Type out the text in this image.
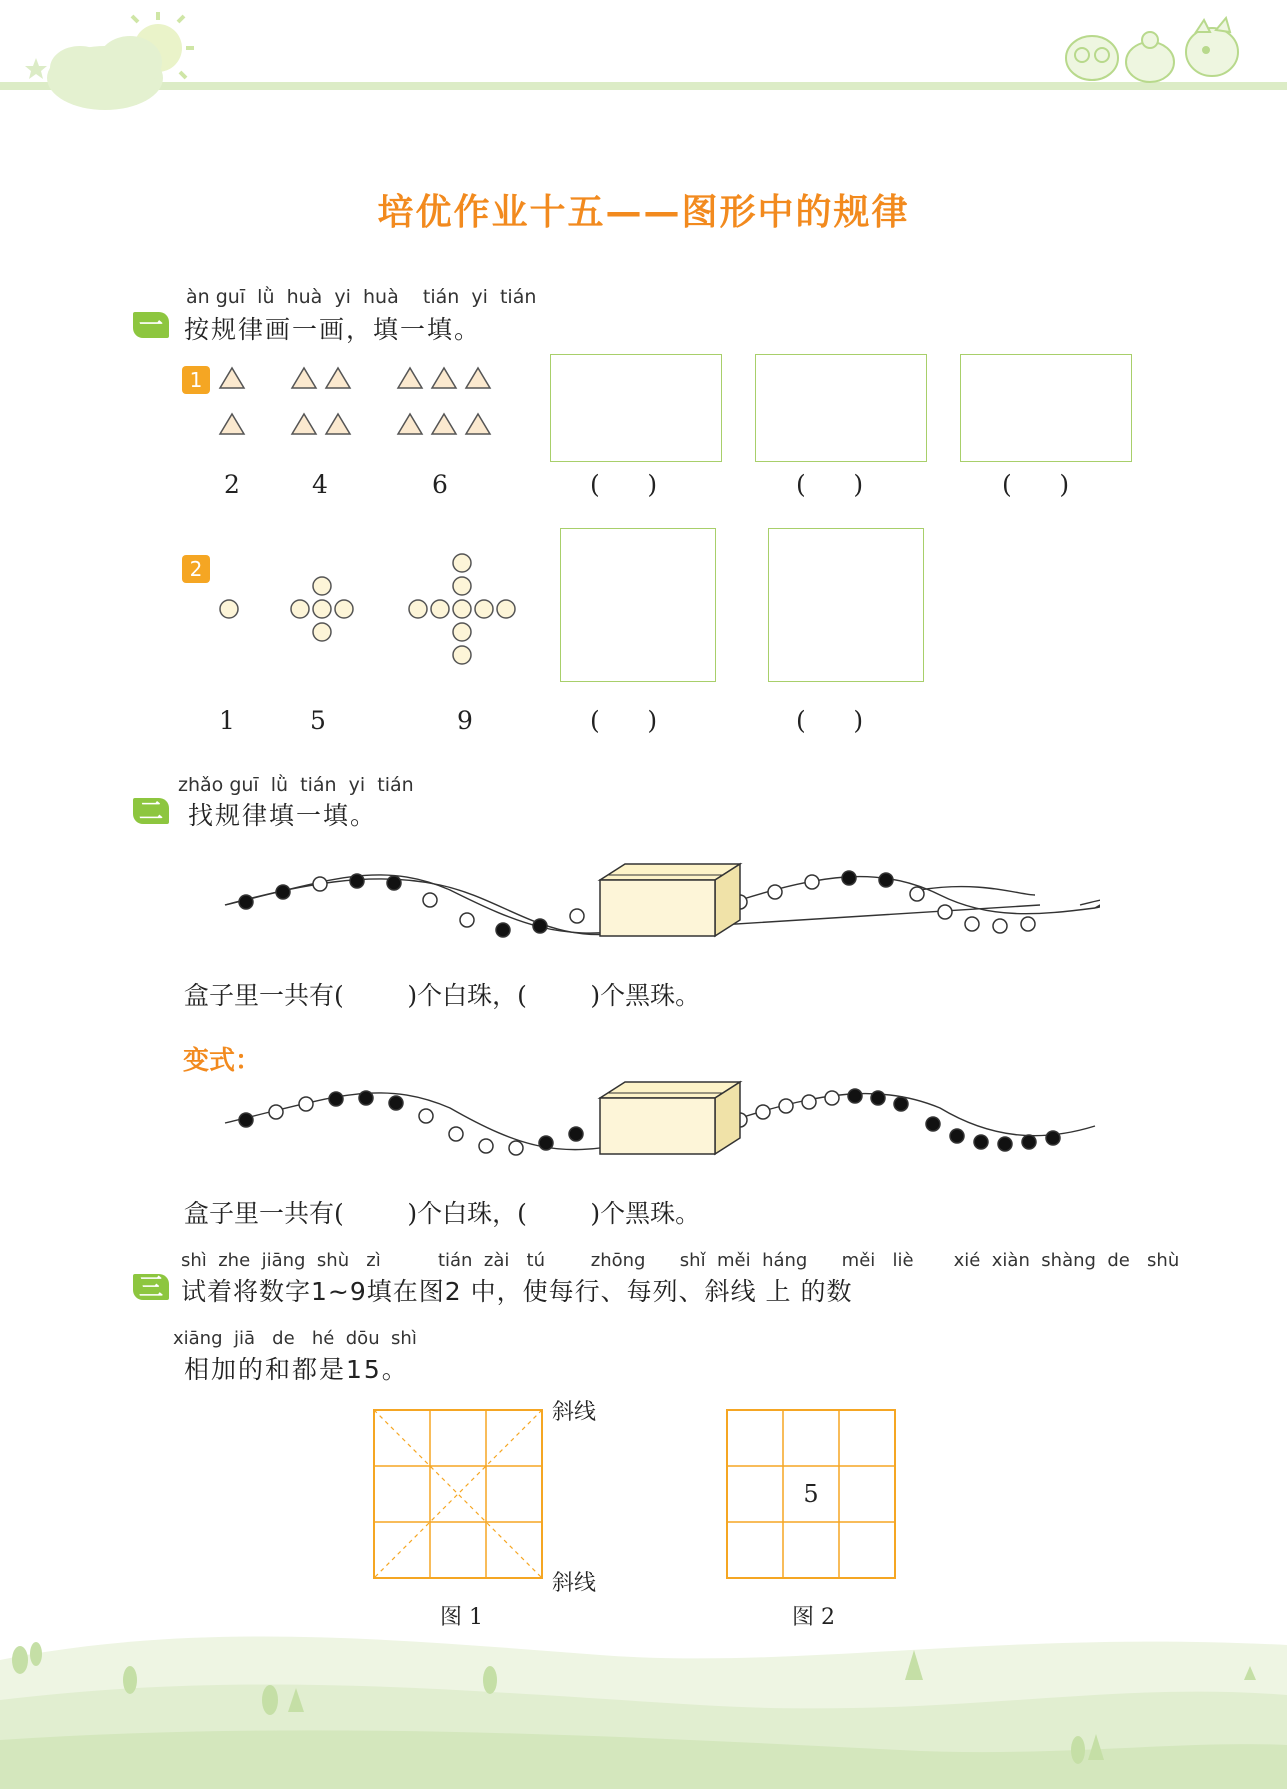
培优作业十五——图形中的规律
一
àn guī  lǜ  huà  yi  huà    tián  yi  tián
按规律画一画，填一填。
1
2	4	6	(      )	(      )	(      )
2
1	5	9	(      )	(      )
二
zhǎo guī  lǜ  tián  yi  tián
找规律填一填。
盒子里一共有(        )个白珠，(        )个黑珠。
变式：
盒子里一共有(        )个白珠，(        )个黑珠。
三
shì  zhe  jiāng  shù   zì          tián  zài   tú        zhōng      shǐ  měi  háng      měi   liè       xié  xiàn  shàng  de   shù
试着将数字1~9填在图2 中，使每行、每列、斜线 上 的数
xiāng  jiā   de   hé  dōu  shì
相加的和都是15。
斜线
斜线
图 1
5
图 2
